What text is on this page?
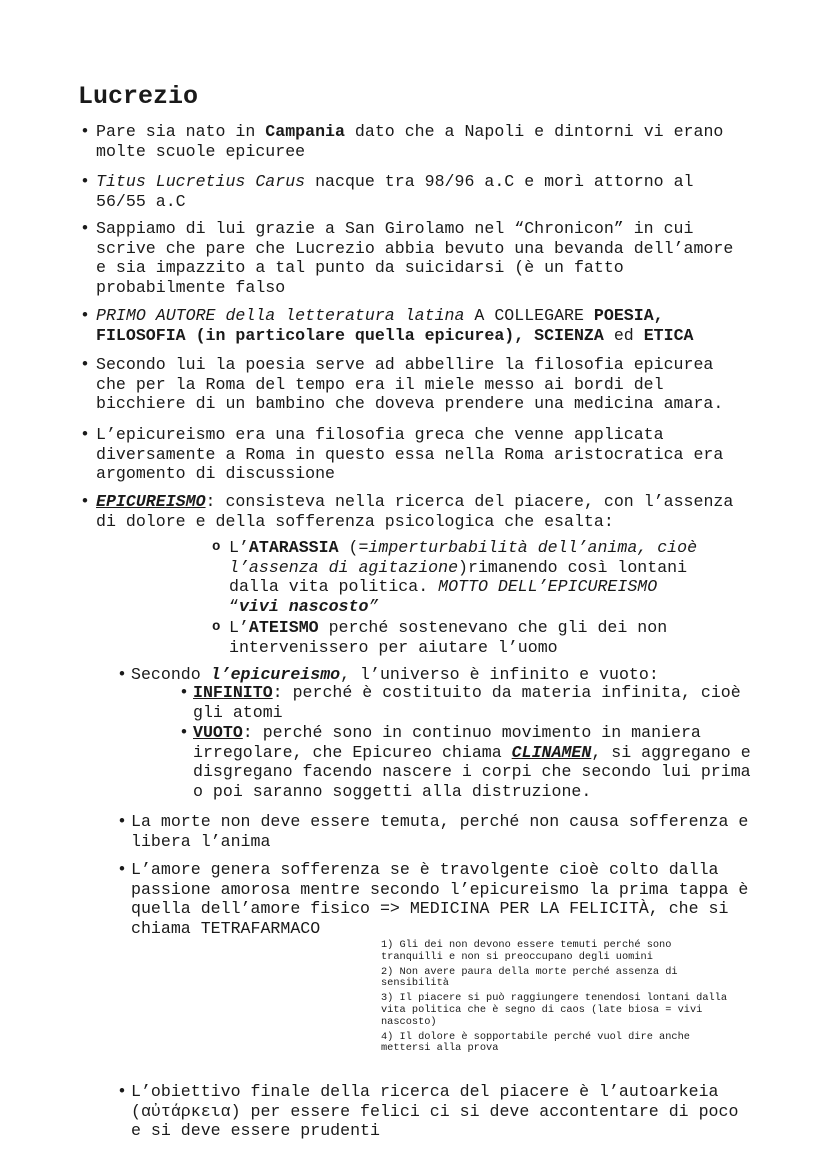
Lucrezio
• Pare sia nato in Campania dato che a Napoli e dintorni vi erano molte scuole epicuree
• Titus Lucretius Carus nacque tra 98/96 a.C e morì attorno al 56/55 a.C
• Sappiamo di lui grazie a San Girolamo nel “Chronicon” in cui scrive che pare che Lucrezio abbia bevuto una bevanda dell’amore e sia impazzito a tal punto da suicidarsi (è un fatto probabilmente falso
• PRIMO AUTORE della letteratura latina A COLLEGARE POESIA, FILOSOFIA (in particolare quella epicurea), SCIENZA ed ETICA
• Secondo lui la poesia serve ad abbellire la filosofia epicurea che per la Roma del tempo era il miele messo ai bordi del bicchiere di un bambino che doveva prendere una medicina amara.
• L’epicureismo era una filosofia greca che venne applicata diversamente a Roma in questo essa nella Roma aristocratica era argomento di discussione
• EPICUREISMO: consisteva nella ricerca del piacere, con l’assenza di dolore e della sofferenza psicologica che esalta:
o L’ATARASSIA (=imperturbabilità dell’anima, cioè l’assenza di agitazione)rimanendo così lontani dalla vita politica. MOTTO DELL’EPICUREISMO “vivi nascosto”
o L’ATEISMO perché sostenevano che gli dei non intervenissero per aiutare l’uomo
• Secondo l’epicureismo, l’universo è infinito e vuoto:
• INFINITO: perché è costituito da materia infinita, cioè gli atomi
• VUOTO: perché sono in continuo movimento in maniera irregolare, che Epicureo chiama CLINAMEN, si aggregano e disgregano facendo nascere i corpi che secondo lui prima o poi saranno soggetti alla distruzione.
• La morte non deve essere temuta, perché non causa sofferenza e libera l’anima
• L’amore genera sofferenza se è travolgente cioè colto dalla passione amorosa mentre secondo l’epicureismo la prima tappa è quella dell’amore fisico => MEDICINA PER LA FELICITÀ, che si chiama TETRAFARMACO
• L’obiettivo finale della ricerca del piacere è l’autoarkeia (αὐτάρκεια) per essere felici ci si deve accontentare di poco e si deve essere prudenti
1) Gli dei non devono essere temuti perché sono tranquilli e non si preoccupano degli uomini
2) Non avere paura della morte perché assenza di sensibilità
3) Il piacere si può raggiungere tenendosi lontani dalla vita politica che è segno di caos (late biosa = vivi nascosto)
4) Il dolore è sopportabile perché vuol dire anche mettersi alla prova
